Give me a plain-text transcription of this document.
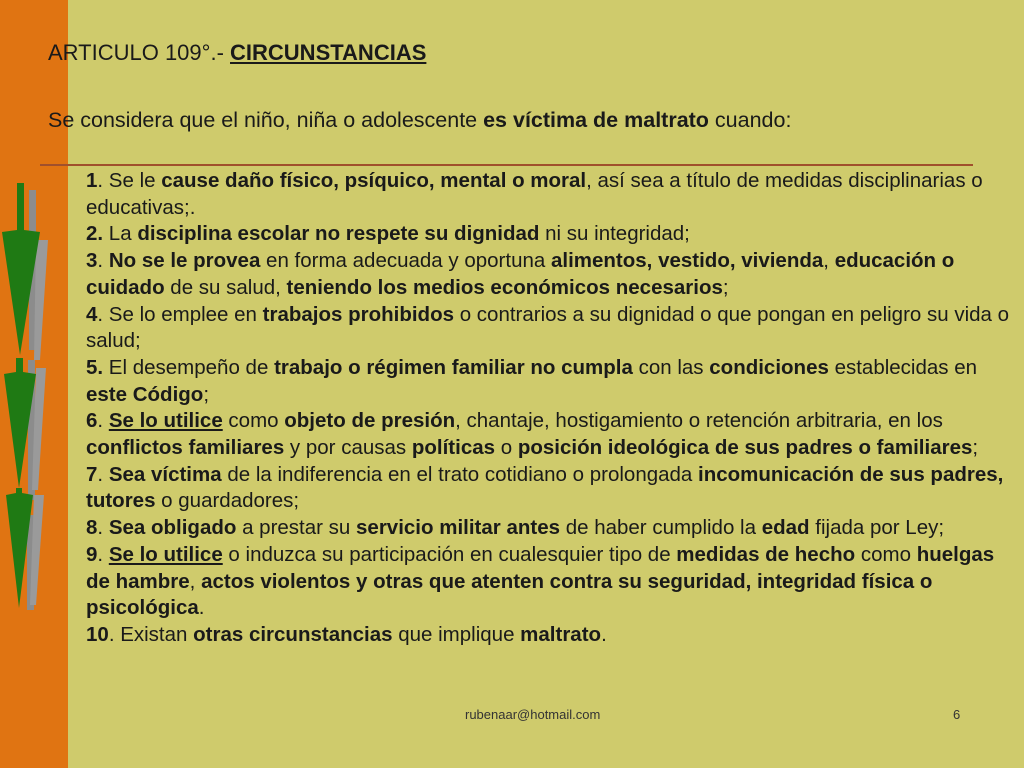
ARTICULO 109°.- CIRCUNSTANCIAS
Se considera que el niño, niña o adolescente es víctima de maltrato cuando:

1. Se le cause daño físico, psíquico, mental o moral, así sea a título de medidas disciplinarias o educativas;.

2. La disciplina escolar no respete su dignidad ni su integridad;

3. No se le provea en forma adecuada y oportuna alimentos, vestido, vivienda, educación o cuidado de su salud, teniendo los medios económicos necesarios;

4. Se lo emplee en trabajos prohibidos o contrarios a su dignidad o que pongan en peligro su vida o salud;

5. El desempeño de trabajo o régimen familiar no cumpla con las condiciones establecidas en este Código;

6. Se lo utilice como objeto de presión, chantaje, hostigamiento o retención arbitraria, en los conflictos familiares y por causas políticas o posición ideológica de sus padres o familiares;

7. Sea víctima de la indiferencia en el trato cotidiano o prolongada incomunicación de sus padres, tutores o guardadores;

8. Sea obligado a prestar su servicio militar antes de haber cumplido la edad fijada por Ley;

9. Se lo utilice o induzca su participación en cualesquier tipo de medidas de hecho como huelgas de hambre, actos violentos y otras que atenten contra su seguridad, integridad física o psicológica.

10. Existan otras circunstancias que implique maltrato.

rubenaar@hotmail.com	6
